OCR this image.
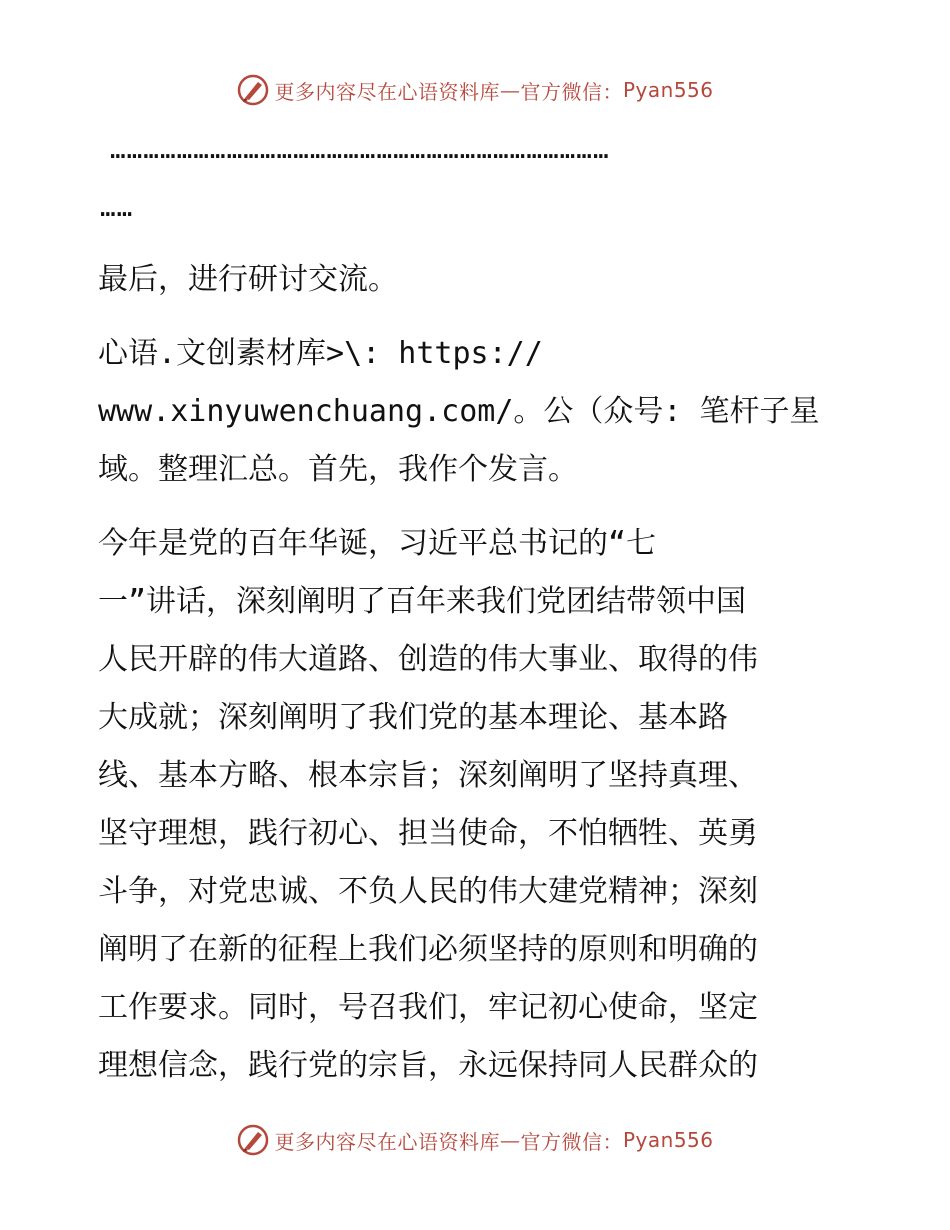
更多内容尽在心语资料库 — 官方微信： Pyan556
………………………………………………………………………………
……
最后，进行研讨交流。
心语.文创素材库>\: https://
www.xinyuwenchuang.com/。公（众号: 笔杆子星
域。整理汇总。首先，我作个发言。
今年是党的百年华诞，习近平总书记的“七
一”讲话，深刻阐明了百年来我们党团结带领中国
人民开辟的伟大道路、创造的伟大事业、取得的伟
大成就；深刻阐明了我们党的基本理论、基本路
线、基本方略、根本宗旨；深刻阐明了坚持真理、
坚守理想，践行初心、担当使命，不怕牺牲、英勇
斗争，对党忠诚、不负人民的伟大建党精神；深刻
阐明了在新的征程上我们必须坚持的原则和明确的
工作要求。同时，号召我们，牢记初心使命，坚定
理想信念，践行党的宗旨，永远保持同人民群众的
更多内容尽在心语资料库 — 官方微信： Pyan556
